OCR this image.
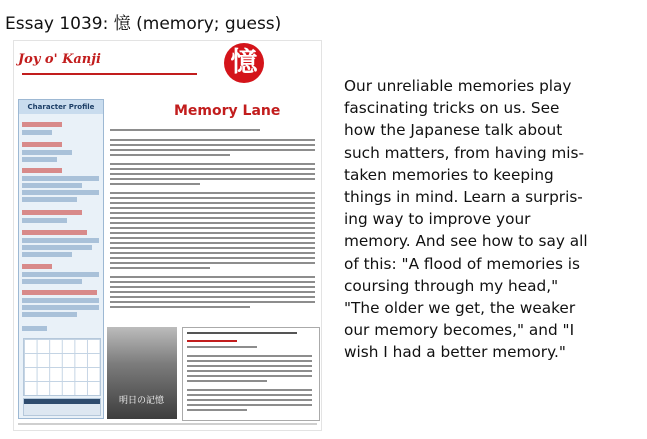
Essay 1039: 憶 (memory; guess)
Joy o' Kanji	憶
Character Profile	Memory Lane
明日の記憶
Our unreliable memories play
fascinating tricks on us. See
how the Japanese talk about
such matters, from having mis-
taken memories to keeping
things in mind. Learn a surpris-
ing way to improve your
memory. And see how to say all
of this: "A flood of memories is
coursing through my head,"
"The older we get, the weaker
our memory becomes," and "I
wish I had a better memory."
